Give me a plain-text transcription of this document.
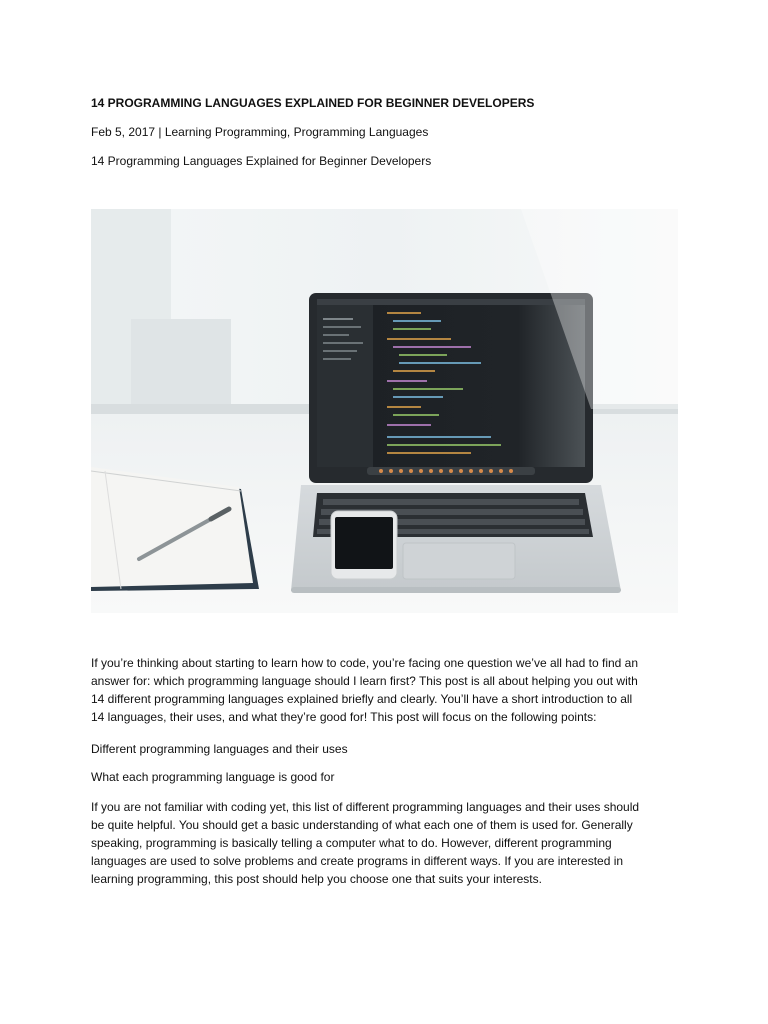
14 PROGRAMMING LANGUAGES EXPLAINED FOR BEGINNER DEVELOPERS
Feb 5, 2017 | Learning Programming, Programming Languages
14 Programming Languages Explained for Beginner Developers
If you’re thinking about starting to learn how to code, you’re facing one question we’ve all had to find an
answer for: which programming language should I learn first? This post is all about helping you out with
14 different programming languages explained briefly and clearly. You’ll have a short introduction to all
14 languages, their uses, and what they’re good for! This post will focus on the following points:
Different programming languages and their uses
What each programming language is good for
If you are not familiar with coding yet, this list of different programming languages and their uses should
be quite helpful. You should get a basic understanding of what each one of them is used for. Generally
speaking, programming is basically telling a computer what to do. However, different programming
languages are used to solve problems and create programs in different ways. If you are interested in
learning programming, this post should help you choose one that suits your interests.
